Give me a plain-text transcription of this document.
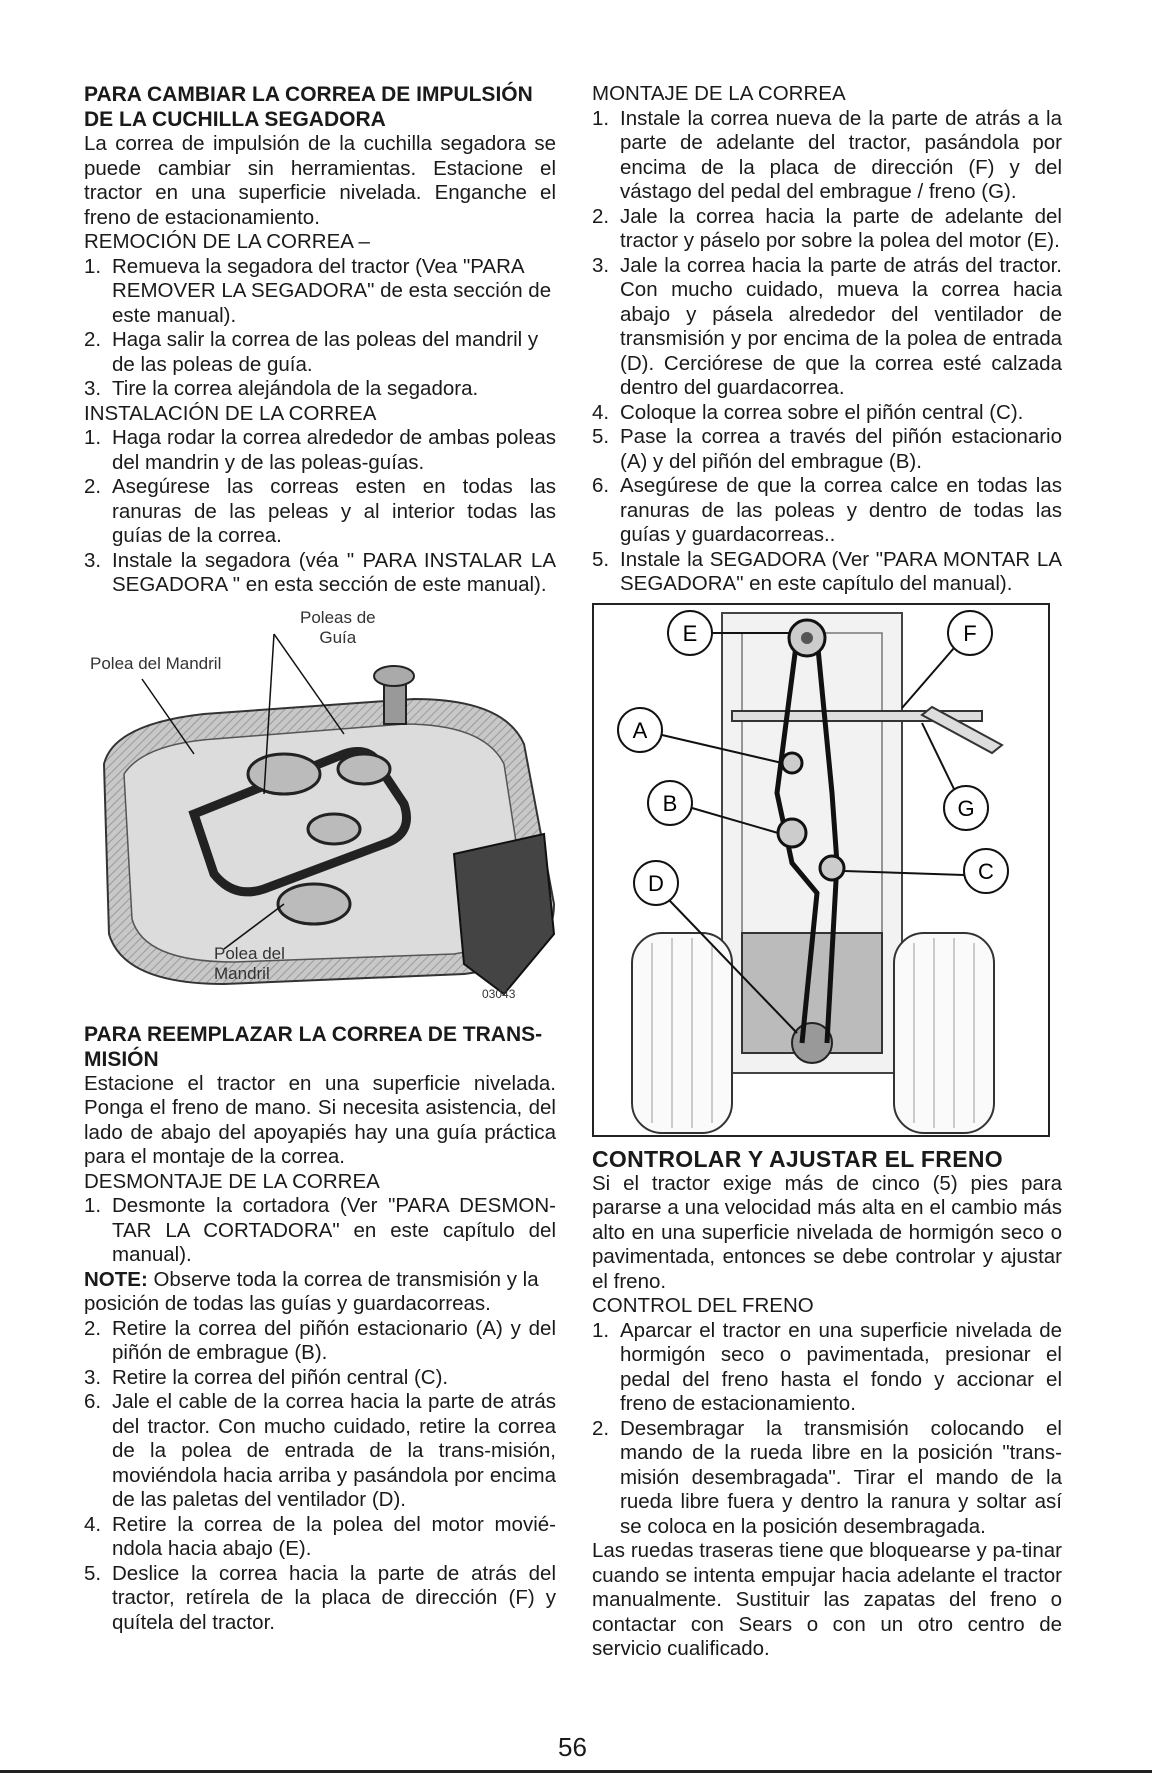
PARA CAMBIAR LA CORREA DE IMPULSIÓN DE LA CUCHILLA SEGADORA

La correa de impulsión de la cuchilla segadora se puede cambiar sin herramientas. Estacione el tractor en una superficie nivelada. Enganche el freno de estacionamiento.

REMOCIÓN DE LA CORREA –

1. Remueva la segadora del tractor (Vea "PARA REMOVER LA SEGADORA" de esta sección de este manual).
2. Haga salir la correa de las poleas del mandril y de las poleas de guía.
3. Tire la correa alejándola de la segadora.

INSTALACIÓN DE LA CORREA

1. Haga rodar la correa alrededor de ambas poleas del mandrin y de las poleas-guías.
2. Asegúrese las correas esten en todas las ranuras de las peleas y al interior todas las guías de la correa.
3. Instale la segadora (véa " PARA INSTALAR LA SEGADORA " en esta sección de este manual).
Poleas de
Guía
Polea del Mandril
Polea del
Mandril
03043
PARA REEMPLAZAR LA CORREA DE TRANS-MISIÓN

Estacione el tractor en una superficie nivelada. Ponga el freno de mano. Si necesita asistencia, del lado de abajo del apoyapiés hay una guía práctica para el montaje de la correa.

DESMONTAJE DE LA CORREA

1. Desmonte la cortadora (Ver "PARA DESMON-TAR LA CORTADORA" en este capítulo del manual).

NOTE: Observe toda la correa de transmisión y la posición de todas las guías y guardacorreas.

2. Retire la correa del piñón estacionario (A) y del piñón de embrague (B).
3. Retire la correa del piñón central (C).
6. Jale el cable de la correa hacia la parte de atrás del tractor. Con mucho cuidado, retire la correa de la polea de entrada de la trans-misión, moviéndola hacia arriba y pasándola por encima de las paletas del ventilador (D).
4. Retire la correa de la polea del motor movié-ndola hacia abajo (E).
5. Deslice la correa hacia la parte de atrás del tractor, retírela de la placa de dirección (F) y quítela del tractor.

MONTAJE DE LA CORREA

1. Instale la correa nueva de la parte de atrás a la parte de adelante del tractor, pasándola por encima de la placa de dirección (F) y del vástago del pedal del embrague / freno (G).
2. Jale la correa hacia la parte de adelante del tractor y páselo por sobre la polea del motor (E).
3. Jale la correa hacia la parte de atrás del tractor. Con mucho cuidado, mueva la correa hacia abajo y pásela alrededor del ventilador de transmisión y por encima de la polea de entrada (D). Cerciórese de que la correa esté calzada dentro del guardacorrea.
4. Coloque la correa sobre el piñón central (C).
5. Pase la correa a través del piñón estacionario (A) y del piñón del embrague (B).
6. Asegúrese de que la correa calce en todas las ranuras de las poleas y dentro de todas las guías y guardacorreas..
5. Instale la SEGADORA (Ver "PARA MONTAR LA SEGADORA" en este capítulo del manual).
E	F
A
B	G
C
D
CONTROLAR Y AJUSTAR EL FRENO

Si el tractor exige más de cinco (5) pies para pararse a una velocidad más alta en el cambio más alto en una superficie nivelada de hormigón seco o pavimentada, entonces se debe controlar y ajustar el freno.

CONTROL DEL FRENO

1. Aparcar el tractor en una superficie nivelada de hormigón seco o pavimentada, presionar el pedal del freno hasta el fondo y accionar el freno de estacionamiento.
2. Desembragar la transmisión colocando el mando de la rueda libre en la posición "trans-misión desembragada". Tirar el mando de la rueda libre fuera y dentro la ranura y soltar así se coloca en la posición desembragada.

Las ruedas traseras tiene que bloquearse y pa-tinar cuando se intenta empujar hacia adelante el tractor manualmente. Sustituir las zapatas del freno o contactar con Sears o con un otro centro de servicio cualificado.

56
